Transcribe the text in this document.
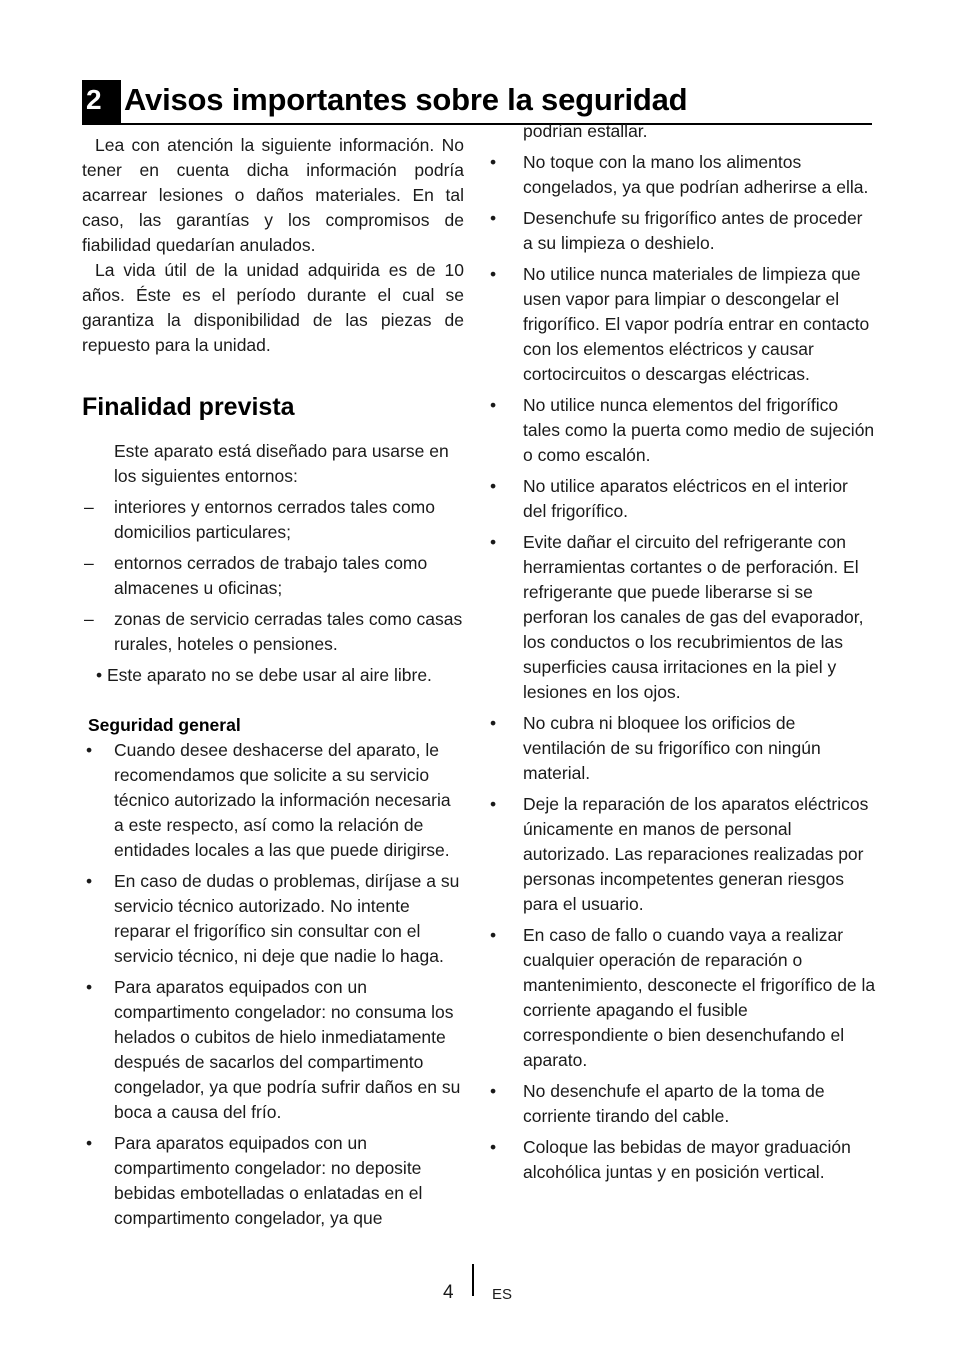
2 Avisos importantes sobre la seguridad

Lea con atención la siguiente información. No tener en cuenta dicha información podría acarrear lesiones o daños materiales. En tal caso, las garantías y los compromisos de fiabilidad quedarían anulados.

La vida útil de la unidad adquirida es de 10 años. Éste es el período durante el cual se garantiza la disponibilidad de las piezas de repuesto para la unidad.

Finalidad prevista

Este aparato está diseñado para usarse en los siguientes entornos:

– interiores y entornos cerrados tales como domicilios particulares;
– entornos cerrados de trabajo tales como almacenes u oficinas;
– zonas de servicio cerradas tales como casas rurales, hoteles o pensiones.

• Este aparato no se debe usar al aire libre.

Seguridad general
• Cuando desee deshacerse del aparato, le recomendamos que solicite a su servicio técnico autorizado la información necesaria a este respecto, así como la relación de entidades locales a las que puede dirigirse.
• En caso de dudas o problemas, diríjase a su servicio técnico autorizado. No intente reparar el frigorífico sin consultar con el servicio técnico, ni deje que nadie lo haga.
• Para aparatos equipados con un compartimento congelador: no consuma los helados o cubitos de hielo inmediatamente después de sacarlos del compartimento congelador, ya que podría sufrir daños en su boca a causa del frío.
• Para aparatos equipados con un compartimento congelador: no deposite bebidas embotelladas o enlatadas en el compartimento congelador, ya que

podrían estallar.

• No toque con la mano los alimentos congelados, ya que podrían adherirse a ella.
• Desenchufe su frigorífico antes de proceder a su limpieza o deshielo.
• No utilice nunca materiales de limpieza que usen vapor para limpiar o descongelar el frigorífico. El vapor podría entrar en contacto con los elementos eléctricos y causar cortocircuitos o descargas eléctricas.
• No utilice nunca elementos del frigorífico tales como la puerta como medio de sujeción o como escalón.
• No utilice aparatos eléctricos en el interior del frigorífico.
• Evite dañar el circuito del refrigerante con herramientas cortantes o de perforación. El refrigerante que puede liberarse si se perforan los canales de gas del evaporador, los conductos o los recubrimientos de las superficies causa irritaciones en la piel y lesiones en los ojos.
• No cubra ni bloquee los orificios de ventilación de su frigorífico con ningún material.
• Deje la reparación de los aparatos eléctricos únicamente en manos de personal autorizado. Las reparaciones realizadas por personas incompetentes generan riesgos para el usuario.
• En caso de fallo o cuando vaya a realizar cualquier operación de reparación o mantenimiento, desconecte el frigorífico de la corriente apagando el fusible correspondiente o bien desenchufando el aparato.
• No desenchufe el aparto de la toma de corriente tirando del cable.
• Coloque las bebidas de mayor graduación alcohólica juntas y en posición vertical.
4	ES
